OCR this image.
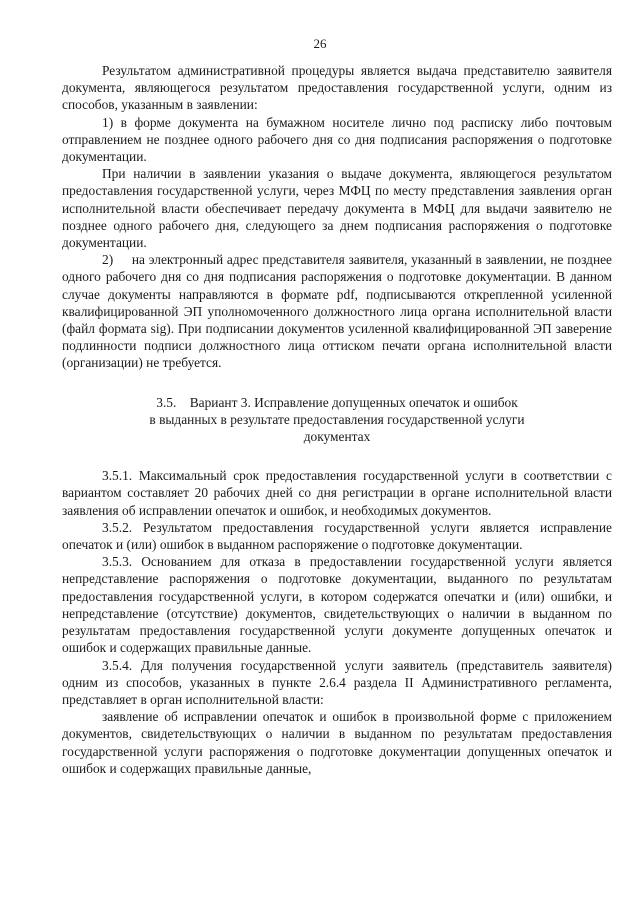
26

Результатом административной процедуры является выдача представителю заявителя документа, являющегося результатом предоставления государственной услуги, одним из способов, указанным в заявлении:

1) в форме документа на бумажном носителе лично под расписку либо почтовым отправлением не позднее одного рабочего дня со дня подписания распоряжения о подготовке документации.

При наличии в заявлении указания о выдаче документа, являющегося результатом предоставления государственной услуги, через МФЦ по месту представления заявления орган исполнительной власти обеспечивает передачу документа в МФЦ для выдачи заявителю не позднее одного рабочего дня, следующего за днем подписания распоряжения о подготовке документации.

2)     на электронный адрес представителя заявителя, указанный в заявлении, не позднее одного рабочего дня со дня подписания распоряжения о подготовке документации. В данном случае документы направляются в формате pdf, подписываются открепленной усиленной квалифицированной ЭП уполномоченного должностного лица органа исполнительной власти (файл формата sig). При подписании документов усиленной квалифицированной ЭП заверение подлинности подписи должностного лица оттиском печати органа исполнительной власти (организации) не требуется.

3.5.    Вариант 3. Исправление допущенных опечаток и ошибок
в выданных в результате предоставления государственной услуги
документах

3.5.1. Максимальный срок предоставления государственной услуги в соответствии с вариантом составляет 20 рабочих дней со дня регистрации в органе исполнительной власти заявления об исправлении опечаток и ошибок, и необходимых документов.

3.5.2. Результатом предоставления государственной услуги является исправление опечаток и (или) ошибок в выданном распоряжение о подготовке документации.

3.5.3. Основанием для отказа в предоставлении государственной услуги является непредставление распоряжения о подготовке документации, выданного по результатам предоставления государственной услуги, в котором содержатся опечатки и (или) ошибки, и непредставление (отсутствие) документов, свидетельствующих о наличии в выданном по результатам предоставления государственной услуги документе допущенных опечаток и ошибок и содержащих правильные данные.

3.5.4. Для получения государственной услуги заявитель (представитель заявителя) одним из способов, указанных в пункте 2.6.4 раздела II Административного регламента, представляет в орган исполнительной власти:

заявление об исправлении опечаток и ошибок в произвольной форме с приложением документов, свидетельствующих о наличии в выданном по результатам предоставления государственной услуги распоряжения о подготовке документации допущенных опечаток и ошибок и содержащих правильные данные,
